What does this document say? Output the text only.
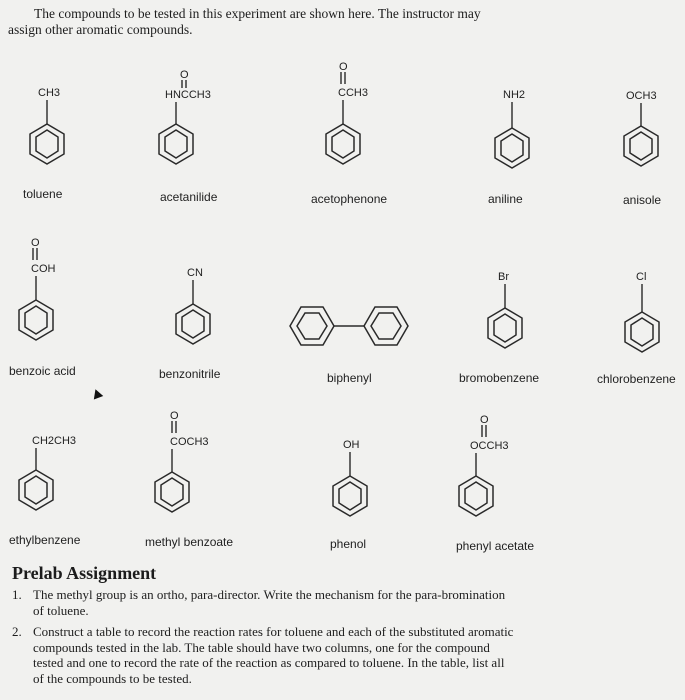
The compounds to be tested in this experiment are shown here. The instructor may
assign other aromatic compounds.
CH3
O
HNCCH3
O
CCH3	NH2	OCH3
O
COH	CN	Br	Cl
CH2CH3
O
COCH3	OH
O
OCCH3
toluene	acetanilide	acetophenone	aniline	anisole
benzoic acid	benzonitrile	biphenyl	bromobenzene	chlorobenzene
ethylbenzene	methyl benzoate	phenol	phenyl acetate
Prelab Assignment
1. The methyl group is an ortho, para-director. Write the mechanism for the para-bromination of toluene.
2. Construct a table to record the reaction rates for toluene and each of the substituted aromatic compounds tested in the lab. The table should have two columns, one for the compound tested and one to record the rate of the reaction as compared to toluene. In the table, list all of the compounds to be tested.
